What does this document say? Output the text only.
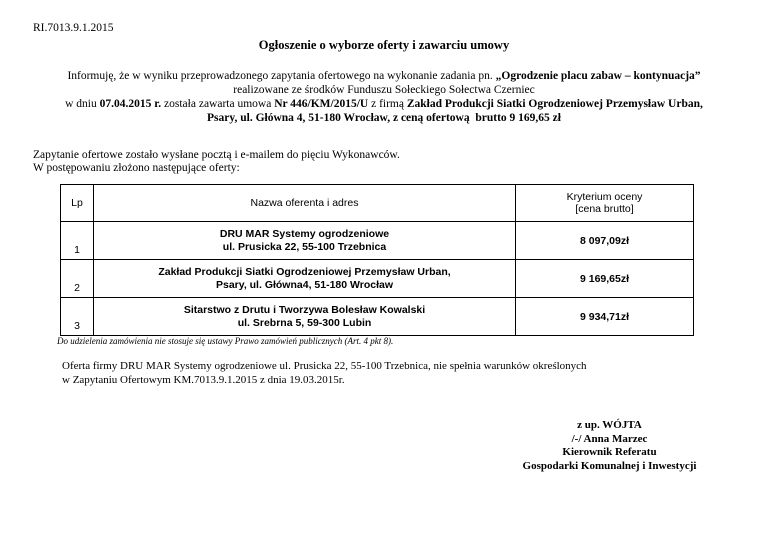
RI.7013.9.1.2015
Ogłoszenie o wyborze oferty i zawarciu umowy
Informuję, że w wyniku przeprowadzonego zapytania ofertowego na wykonanie zadania pn. „Ogrodzenie placu zabaw – kontynuacja”
realizowane ze środków Funduszu Sołeckiego Sołectwa Czerniec
w dniu 07.04.2015 r. została zawarta umowa Nr 446/KM/2015/U z firmą Zakład Produkcji Siatki Ogrodzeniowej Przemysław Urban,
Psary, ul. Główna 4, 51-180 Wrocław, z ceną ofertową  brutto 9 169,65 zł
Zapytanie ofertowe zostało wysłane pocztą i e-mailem do pięciu Wykonawców.
W postępowaniu złożono następujące oferty:
Lp	Nazwa oferenta i adres	Kryterium oceny
[cena brutto]

1	DRU MAR Systemy ogrodzeniowe
ul. Prusicka 22, 55-100 Trzebnica	8 097,09zł
2	Zakład Produkcji Siatki Ogrodzeniowej Przemysław Urban,
Psary, ul. Główna4, 51-180 Wrocław	9 169,65zł
3	Sitarstwo z Drutu i Tworzywa Bolesław Kowalski
ul. Srebrna 5, 59-300 Lubin	9 934,71zł
Do udzielenia zamówienia nie stosuje się ustawy Prawo zamówień publicznych (Art. 4 pkt 8).
Oferta firmy DRU MAR Systemy ogrodzeniowe ul. Prusicka 22, 55-100 Trzebnica, nie spełnia warunków określonych
w Zapytaniu Ofertowym KM.7013.9.1.2015 z dnia 19.03.2015r.
z up. WÓJTA
/-/ Anna Marzec
Kierownik Referatu
Gospodarki Komunalnej i Inwestycji
